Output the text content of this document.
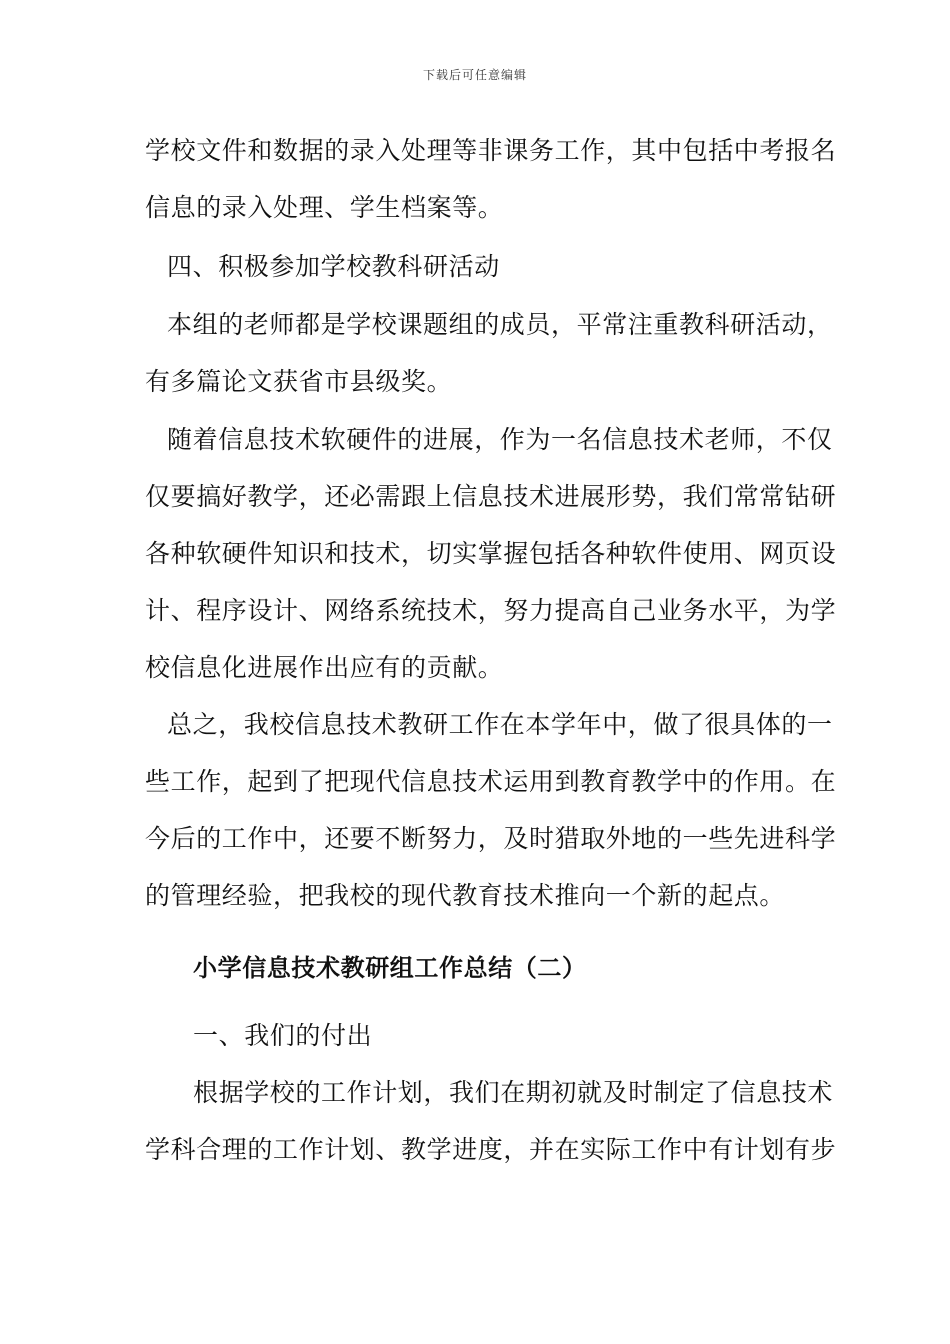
下载后可任意编辑
学校文件和数据的录入处理等非课务工作，其中包括中考报名
信息的录入处理、学生档案等。
四、积极参加学校教科研活动
本组的老师都是学校课题组的成员，平常注重教科研活动，
有多篇论文获省市县级奖。
随着信息技术软硬件的进展，作为一名信息技术老师，不仅
仅要搞好教学，还必需跟上信息技术进展形势，我们常常钻研
各种软硬件知识和技术，切实掌握包括各种软件使用、网页设
计、程序设计、网络系统技术，努力提高自己业务水平，为学
校信息化进展作出应有的贡献。
总之，我校信息技术教研工作在本学年中，做了很具体的一
些工作，起到了把现代信息技术运用到教育教学中的作用。在
今后的工作中，还要不断努力，及时猎取外地的一些先进科学
的管理经验，把我校的现代教育技术推向一个新的起点。
小学信息技术教研组工作总结（二）
一、我们的付出
根据学校的工作计划，我们在期初就及时制定了信息技术
学科合理的工作计划、教学进度，并在实际工作中有计划有步
